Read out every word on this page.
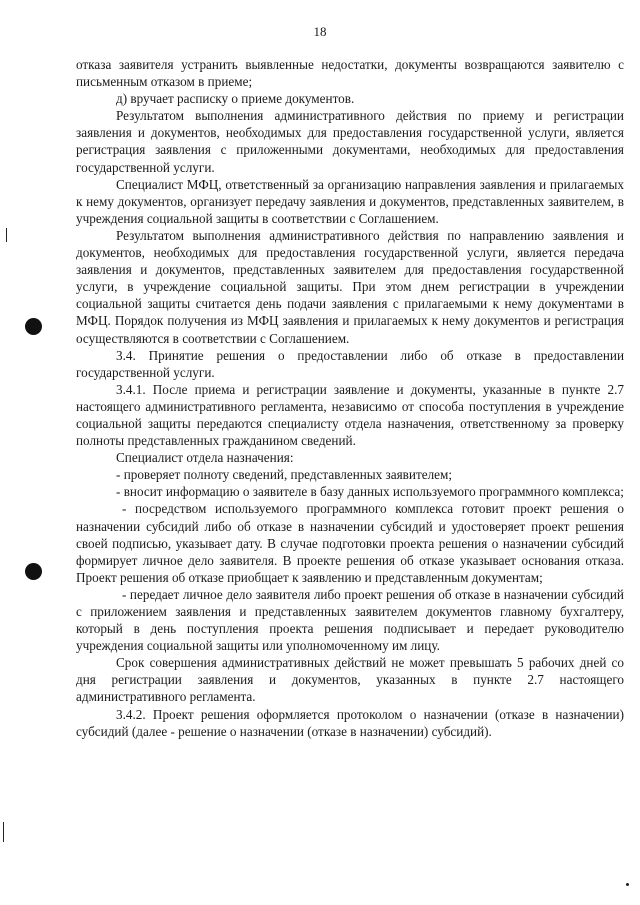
18

отказа заявителя устранить выявленные недостатки, документы возвращаются заявителю с письменным отказом в приеме;

д) вручает расписку о приеме документов.

Результатом выполнения административного действия по приему и регистрации заявления и документов, необходимых для предоставления государственной услуги, является регистрация заявления с приложенными документами, необходимых для предоставления государственной услуги.

Специалист МФЦ, ответственный за организацию направления заявления и прилагаемых к нему документов, организует передачу заявления и документов, представленных заявителем, в учреждения социальной защиты в соответствии с Соглашением.

Результатом выполнения административного действия по направлению заявления и документов, необходимых для предоставления государственной услуги, является передача заявления и документов, представленных заявителем для предоставления государственной услуги, в учреждение социальной защиты. При этом днем регистрации в учреждении социальной защиты считается день подачи заявления с прилагаемыми к нему документами в МФЦ. Порядок получения из МФЦ заявления и прилагаемых к нему документов и регистрация осуществляются в соответствии с Соглашением.

3.4. Принятие решения о предоставлении либо об отказе в предоставлении государственной услуги.

3.4.1. После приема и регистрации заявление и документы, указанные в пункте 2.7 настоящего административного регламента, независимо от способа поступления в учреждение социальной защиты передаются специалисту отдела назначения, ответственному за проверку полноты представленных гражданином сведений.

Специалист отдела назначения:

- проверяет полноту сведений, представленных заявителем;

- вносит информацию о заявителе в базу данных используемого программного комплекса;

- посредством используемого программного комплекса готовит проект решения о назначении субсидий либо об отказе в назначении субсидий и удостоверяет проект решения своей подписью, указывает дату. В случае подготовки проекта решения о назначении субсидий формирует личное дело заявителя. В проекте решения об отказе указывает основания отказа. Проект решения об отказе приобщает к заявлению и представленным документам;

- передает личное дело заявителя либо проект решения об отказе в назначении субсидий с приложением заявления и представленных заявителем документов главному бухгалтеру, который в день поступления проекта решения подписывает и передает руководителю учреждения социальной защиты или уполномоченному им лицу.

Срок совершения административных действий не может превышать 5 рабочих дней со дня регистрации заявления и документов, указанных в пункте 2.7 настоящего административного регламента.

3.4.2. Проект решения оформляется протоколом о назначении (отказе в назначении) субсидий (далее - решение о назначении (отказе в назначении) субсидий).
